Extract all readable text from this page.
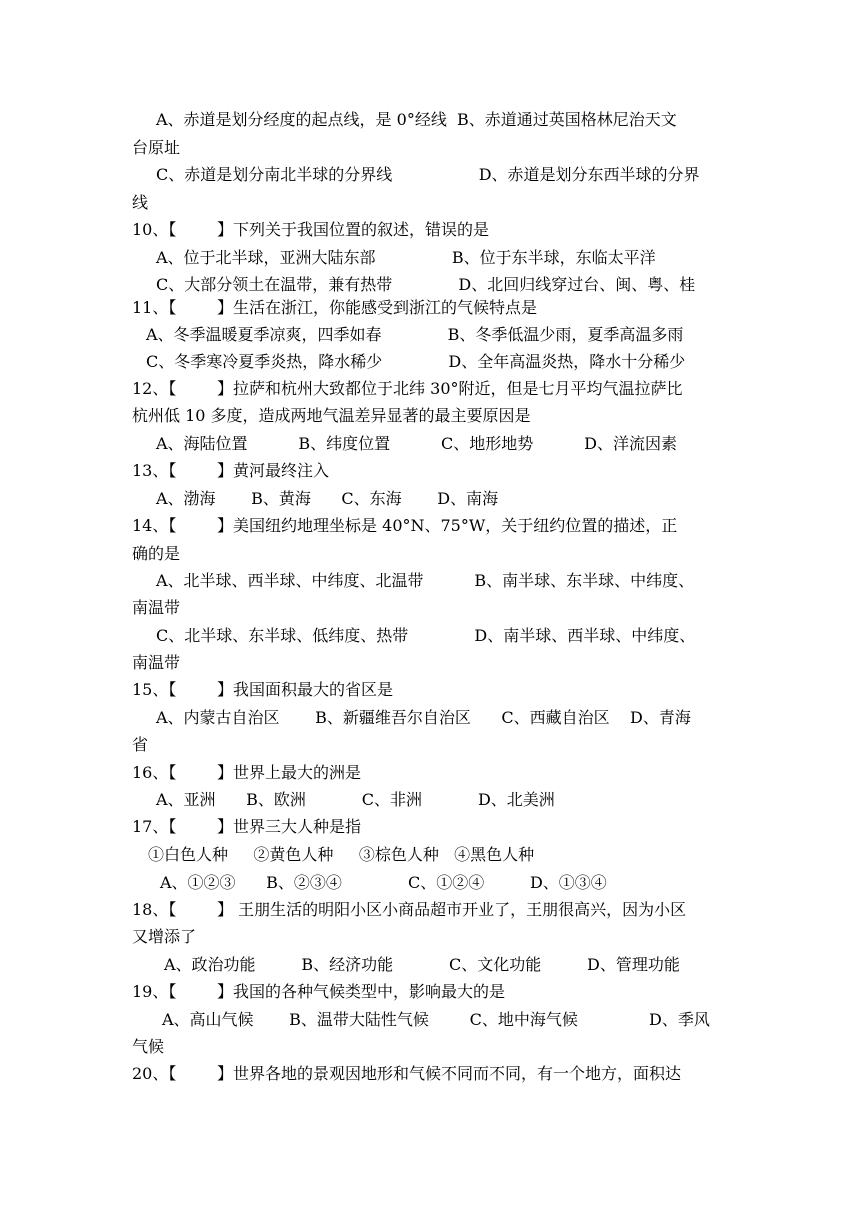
A、赤道是划分经度的起点线，是 0°经线  B、赤道通过英国格林尼治天文
台原址
C、赤道是划分南北半球的分界线                 D、赤道是划分东西半球的分界
线
10、【        】下列关于我国位置的叙述，错误的是
A、位于北半球，亚洲大陆东部               B、位于东半球，东临太平洋
C、大部分领土在温带，兼有热带             D、北回归线穿过台、闽、粤、桂
11、【        】生活在浙江，你能感受到浙江的气候特点是
A、冬季温暖夏季凉爽，四季如春             B、冬季低温少雨，夏季高温多雨
C、冬季寒冷夏季炎热，降水稀少             D、全年高温炎热，降水十分稀少
12、【        】拉萨和杭州大致都位于北纬 30°附近，但是七月平均气温拉萨比
杭州低 10 多度，造成两地气温差异显著的最主要原因是
A、海陆位置          B、纬度位置          C、地形地势          D、洋流因素
13、【        】黄河最终注入
A、渤海       B、黄海      C、东海       D、南海
14、【        】美国纽约地理坐标是 40°N、75°W，关于纽约位置的描述，正
确的是
A、北半球、西半球、中纬度、北温带          B、南半球、东半球、中纬度、
南温带
C、北半球、东半球、低纬度、热带             D、南半球、西半球、中纬度、
南温带
15、【        】我国面积最大的省区是
A、内蒙古自治区       B、新疆维吾尔自治区      C、西藏自治区    D、青海
省
16、【        】世界上最大的洲是
A、亚洲      B、欧洲           C、非洲           D、北美洲
17、【        】世界三大人种是指
①白色人种     ②黄色人种     ③棕色人种   ④黑色人种
A、①②③      B、②③④             C、①②④         D、①③④
18、【        】 王朋生活的明阳小区小商品超市开业了，王朋很高兴，因为小区
又增添了
A、政治功能         B、经济功能           C、文化功能         D、管理功能
19、【        】我国的各种气候类型中，影响最大的是
A、高山气候       B、温带大陆性气候        C、地中海气候              D、季风
气候
20、【        】世界各地的景观因地形和气候不同而不同，有一个地方，面积达
